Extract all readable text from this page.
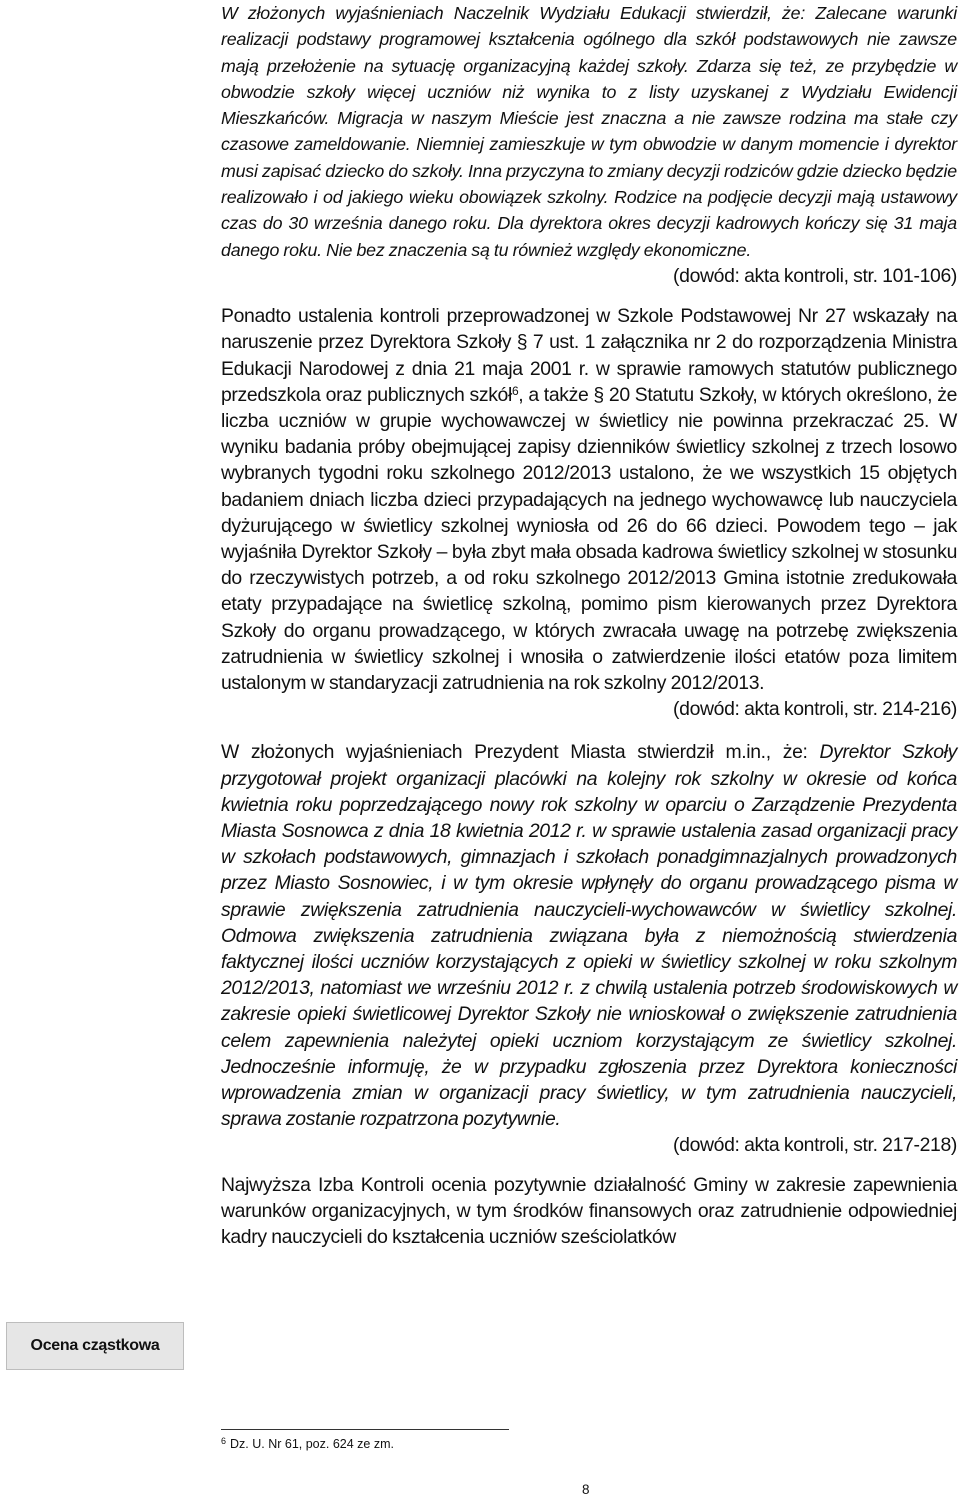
W złożonych wyjaśnieniach Naczelnik Wydziału Edukacji stwierdził, że: Zalecane warunki realizacji podstawy programowej kształcenia ogólnego dla szkół podstawowych nie zawsze mają przełożenie na sytuację organizacyjną każdej szkoły. Zdarza się też, ze przybędzie w obwodzie szkoły więcej uczniów niż wynika to z listy uzyskanej z Wydziału Ewidencji Mieszkańców. Migracja w naszym Mieście jest znaczna a nie zawsze rodzina ma stałe czy czasowe zameldowanie. Niemniej zamieszkuje w tym obwodzie w danym momencie i dyrektor musi zapisać dziecko do szkoły. Inna przyczyna to zmiany decyzji rodziców gdzie dziecko będzie realizowało i od jakiego wieku obowiązek szkolny. Rodzice na podjęcie decyzji mają ustawowy czas do 30 września danego roku. Dla dyrektora okres decyzji kadrowych kończy się 31 maja danego roku. Nie bez znaczenia są tu również względy ekonomiczne.

(dowód: akta kontroli, str. 101-106)

Ponadto ustalenia kontroli przeprowadzonej w Szkole Podstawowej Nr 27 wskazały na naruszenie przez Dyrektora Szkoły § 7 ust. 1 załącznika nr 2 do rozporządzenia Ministra Edukacji Narodowej z dnia 21 maja 2001 r. w sprawie ramowych statutów publicznego przedszkola oraz publicznych szkół$^6$, a także § 20 Statutu Szkoły, w których określono, że liczba uczniów w grupie wychowawczej w świetlicy nie powinna przekraczać 25. W wyniku badania próby obejmującej zapisy dzienników świetlicy szkolnej z trzech losowo wybranych tygodni roku szkolnego 2012/2013 ustalono, że we wszystkich 15 objętych badaniem dniach liczba dzieci przypadających na jednego wychowawcę lub nauczyciela dyżurującego w świetlicy szkolnej wyniosła od 26 do 66 dzieci. Powodem tego – jak wyjaśniła Dyrektor Szkoły – była zbyt mała obsada kadrowa świetlicy szkolnej w stosunku do rzeczywistych potrzeb, a od roku szkolnego 2012/2013 Gmina istotnie zredukowała etaty przypadające na świetlicę szkolną, pomimo pism kierowanych przez Dyrektora Szkoły do organu prowadzącego, w których zwracała uwagę na potrzebę zwiększenia zatrudnienia w świetlicy szkolnej i wnosiła o zatwierdzenie ilości etatów poza limitem ustalonym w standaryzacji zatrudnienia na rok szkolny 2012/2013.

(dowód: akta kontroli, str. 214-216)

W złożonych wyjaśnieniach Prezydent Miasta stwierdził m.in., że: Dyrektor Szkoły przygotował projekt organizacji placówki na kolejny rok szkolny w okresie od końca kwietnia roku poprzedzającego nowy rok szkolny w oparciu o Zarządzenie Prezydenta Miasta Sosnowca z dnia 18 kwietnia 2012 r. w sprawie ustalenia zasad organizacji pracy w szkołach podstawowych, gimnazjach i szkołach ponadgimnazjalnych prowadzonych przez Miasto Sosnowiec, i w tym okresie wpłynęły do organu prowadzącego pisma w sprawie zwiększenia zatrudnienia nauczycieli-wychowawców w świetlicy szkolnej. Odmowa zwiększenia zatrudnienia związana była z niemożnością stwierdzenia faktycznej ilości uczniów korzystających z opieki w świetlicy szkolnej w roku szkolnym 2012/2013, natomiast we wrześniu 2012 r. z chwilą ustalenia potrzeb środowiskowych w zakresie opieki świetlicowej Dyrektor Szkoły nie wnioskował o zwiększenie zatrudnienia celem zapewnienia należytej opieki uczniom korzystającym ze świetlicy szkolnej. Jednocześnie informuję, że w przypadku zgłoszenia przez Dyrektora konieczności wprowadzenia zmian w organizacji pracy świetlicy, w tym zatrudnienia nauczycieli, sprawa zostanie rozpatrzona pozytywnie.

(dowód: akta kontroli, str. 217-218)

Najwyższa Izba Kontroli ocenia pozytywnie działalność Gminy w zakresie zapewnienia warunków organizacyjnych, w tym środków finansowych oraz zatrudnienie odpowiedniej kadry nauczycieli do kształcenia uczniów sześciolatków

Ocena cząstkowa
$^6$ Dz. U. Nr 61, poz. 624 ze zm.
8
